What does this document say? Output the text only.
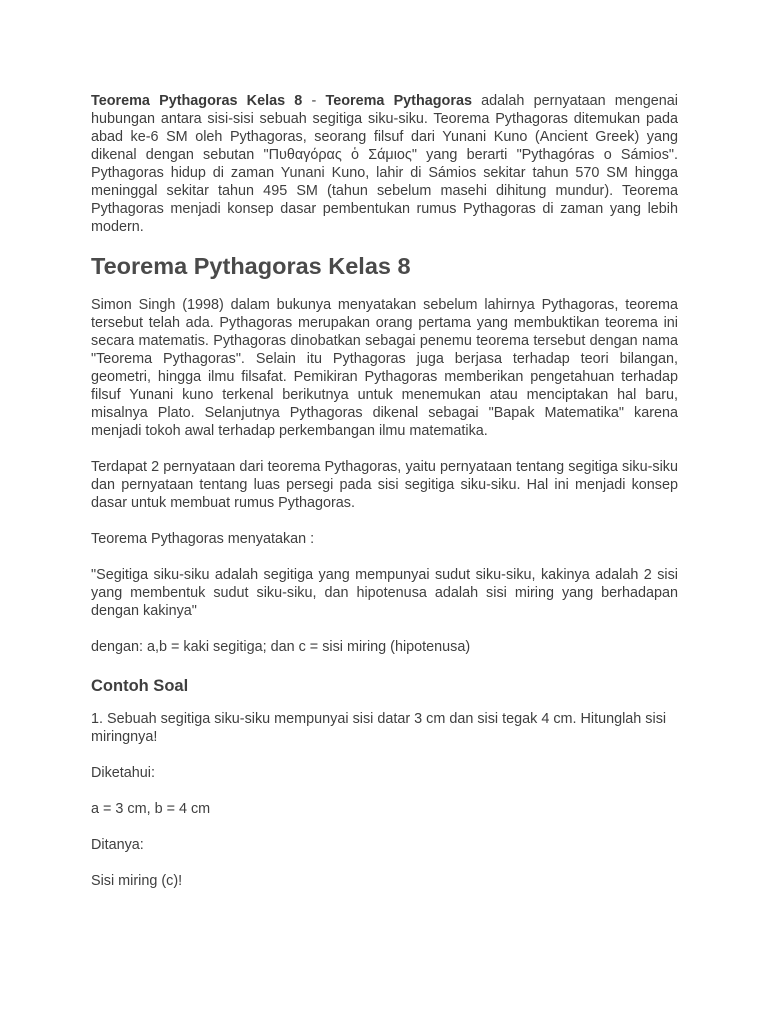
Teorema Pythagoras Kelas 8 - Teorema Pythagoras adalah pernyataan mengenai hubungan antara sisi-sisi sebuah segitiga siku-siku. Teorema Pythagoras ditemukan pada abad ke-6 SM oleh Pythagoras, seorang filsuf dari Yunani Kuno (Ancient Greek) yang dikenal dengan sebutan "Πυθαγόρας ὁ Σάμιος" yang berarti "Pythagóras o Sámios". Pythagoras hidup di zaman Yunani Kuno, lahir di Sámios sekitar tahun 570 SM hingga meninggal sekitar tahun 495 SM (tahun sebelum masehi dihitung mundur). Teorema Pythagoras menjadi konsep dasar pembentukan rumus Pythagoras di zaman yang lebih modern.

Teorema Pythagoras Kelas 8

Simon Singh (1998) dalam bukunya menyatakan sebelum lahirnya Pythagoras, teorema tersebut telah ada. Pythagoras merupakan orang pertama yang membuktikan teorema ini secara matematis. Pythagoras dinobatkan sebagai penemu teorema tersebut dengan nama "Teorema Pythagoras". Selain itu Pythagoras juga berjasa terhadap teori bilangan, geometri, hingga ilmu filsafat. Pemikiran Pythagoras memberikan pengetahuan terhadap filsuf Yunani kuno terkenal berikutnya untuk menemukan atau menciptakan hal baru, misalnya Plato. Selanjutnya Pythagoras dikenal sebagai "Bapak Matematika" karena menjadi tokoh awal terhadap perkembangan ilmu matematika.

Terdapat 2 pernyataan dari teorema Pythagoras, yaitu pernyataan tentang segitiga siku-siku dan pernyataan tentang luas persegi pada sisi segitiga siku-siku. Hal ini menjadi konsep dasar untuk membuat rumus Pythagoras.

Teorema Pythagoras menyatakan :

"Segitiga siku-siku adalah segitiga yang mempunyai sudut siku-siku, kakinya adalah 2 sisi yang membentuk sudut siku-siku, dan hipotenusa adalah sisi miring yang berhadapan dengan kakinya"

dengan: a,b = kaki segitiga; dan c = sisi miring (hipotenusa)

Contoh Soal

1. Sebuah segitiga siku-siku mempunyai sisi datar 3 cm dan sisi tegak 4 cm. Hitunglah sisi miringnya!

Diketahui:

a = 3 cm, b = 4 cm

Ditanya:

Sisi miring (c)!
